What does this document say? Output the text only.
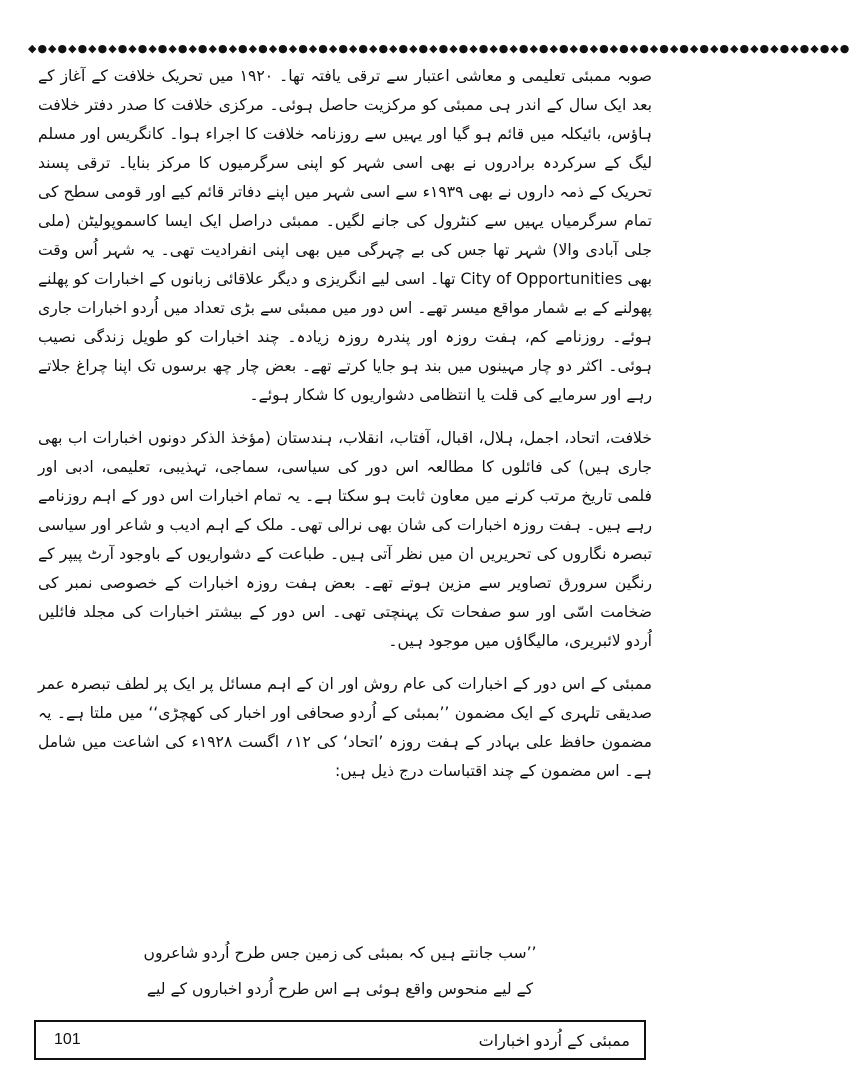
◆●◆●◆●◆●◆●◆●◆●◆●◆●◆●◆●◆●◆●◆●◆●◆●◆●◆●◆●◆●◆●◆●◆●◆●◆●◆●◆●◆●◆●◆●◆●◆●◆●◆●◆●◆●◆●◆●◆●◆●◆●

صوبہ ممبئی تعلیمی و معاشی اعتبار سے ترقی یافتہ تھا۔ ۱۹۲۰ میں تحریک خلافت کے آغاز کے بعد ایک سال کے اندر ہی ممبئی کو مرکزیت حاصل ہوئی۔ مرکزی خلافت کا صدر دفتر خلافت ہاؤس، بائیکلہ میں قائم ہو گیا اور یہیں سے روزنامہ خلافت کا اجراء ہوا۔ کانگریس اور مسلم لیگ کے سرکردہ برادروں نے بھی اسی شہر کو اپنی سرگرمیوں کا مرکز بنایا۔ ترقی پسند تحریک کے ذمہ داروں نے بھی ۱۹۳۹ء سے اسی شہر میں اپنے دفاتر قائم کیے اور قومی سطح کی تمام سرگرمیاں یہیں سے کنٹرول کی جانے لگیں۔ ممبئی دراصل ایک ایسا کاسموپولیٹن (ملی جلی آبادی والا) شہر تھا جس کی بے چہرگی میں بھی اپنی انفرادیت تھی۔ یہ شہر اُس وقت بھی City of Opportunities تھا۔ اسی لیے انگریزی و دیگر علاقائی زبانوں کے اخبارات کو پھلنے پھولنے کے بے شمار مواقع میسر تھے۔ اس دور میں ممبئی سے بڑی تعداد میں اُردو اخبارات جاری ہوئے۔ روزنامے کم، ہفت روزہ اور پندرہ روزہ زیادہ۔ چند اخبارات کو طویل زندگی نصیب ہوئی۔ اکثر دو چار مہینوں میں بند ہو جایا کرتے تھے۔ بعض چار چھ برسوں تک اپنا چراغ جلاتے رہے اور سرمایے کی قلت یا انتظامی دشواریوں کا شکار ہوئے۔

خلافت، اتحاد، اجمل، ہلال، اقبال، آفتاب، انقلاب، ہندستان (مؤخذ الذکر دونوں اخبارات اب بھی جاری ہیں) کی فائلوں کا مطالعہ اس دور کی سیاسی، سماجی، تہذیبی، تعلیمی، ادبی اور فلمی تاریخ مرتب کرنے میں معاون ثابت ہو سکتا ہے۔ یہ تمام اخبارات اس دور کے اہم روزنامے رہے ہیں۔ ہفت روزہ اخبارات کی شان بھی نرالی تھی۔ ملک کے اہم ادیب و شاعر اور سیاسی تبصرہ نگاروں کی تحریریں ان میں نظر آتی ہیں۔ طباعت کے دشواریوں کے باوجود آرٹ پیپر کے رنگین سرورق تصاویر سے مزین ہوتے تھے۔ بعض ہفت روزہ اخبارات کے خصوصی نمبر کی ضخامت اسّی اور سو صفحات تک پہنچتی تھی۔ اس دور کے بیشتر اخبارات کی مجلد فائلیں اُردو لائبریری، مالیگاؤں میں موجود ہیں۔

ممبئی کے اس دور کے اخبارات کی عام روش اور ان کے اہم مسائل پر ایک پر لطف تبصرہ عمر صدیقی تلہری کے ایک مضمون ’’بمبئی کے اُردو صحافی اور اخبار کی کھچڑی‘‘ میں ملتا ہے۔ یہ مضمون حافظ علی بہادر کے ہفت روزہ ’اتحاد‘ کی ۱۲؍ اگست ۱۹۲۸ء کی اشاعت میں شامل ہے۔ اس مضمون کے چند اقتباسات درج ذیل ہیں:

’’سب جانتے ہیں کہ بمبئی کی زمین جس طرح اُردو شاعروں
کے لیے منحوس واقع ہوئی ہے اس طرح اُردو اخباروں کے لیے
ممبئی کے اُردو اخبارات
101
